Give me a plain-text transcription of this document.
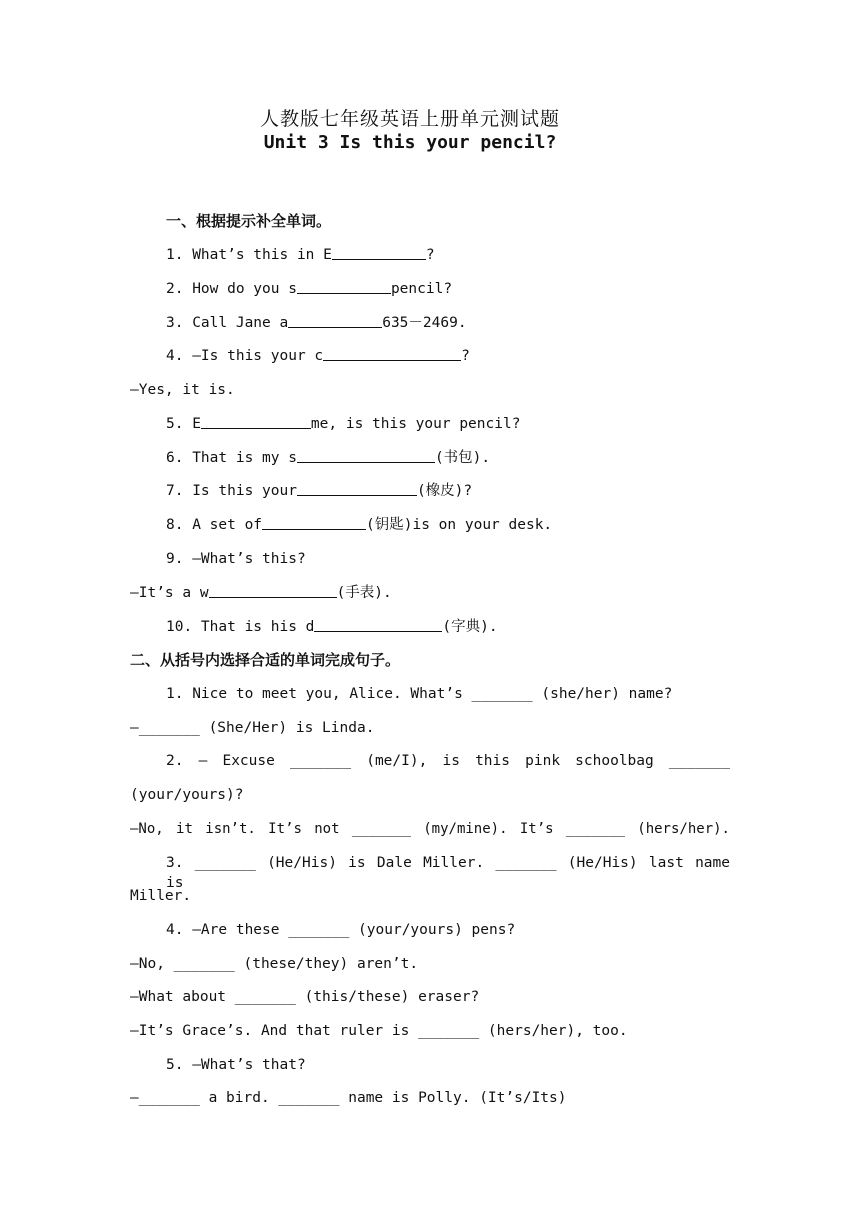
人教版七年级英语上册单元测试题
Unit 3 Is this your pencil?
一、根据提示补全单词。
1. What’s this in E	?
2. How do you s	pencil?
3. Call Jane a	635－2469.
4. —Is this your c	?
—Yes, it is.
5. E	me, is this your pencil?
6. That is my s	(书包).
7. Is this your	(橡皮)?
8. A set of	(钥匙)is on your desk.
9. —What’s this?
—It’s a w	(手表).
10. That is his d	(字典).
二、从括号内选择合适的单词完成句子。
1. Nice to meet you, Alice. What’s _______ (she/her) name?
—_______ (She/Her) is Linda.
2. — Excuse _______ (me/I), is this pink schoolbag _______
(your/yours)?
—No, it isn’t. It’s not _______ (my/mine). It’s _______ (hers/her).
3. _______ (He/His) is Dale Miller. _______ (He/His) last name is
Miller.
4. —Are these _______ (your/yours) pens?
—No, _______ (these/they) aren’t.
—What about _______ (this/these) eraser?
—It’s Grace’s. And that ruler is _______ (hers/her), too.
5. —What’s that?
—_______ a bird. _______ name is Polly. (It’s/Its)
